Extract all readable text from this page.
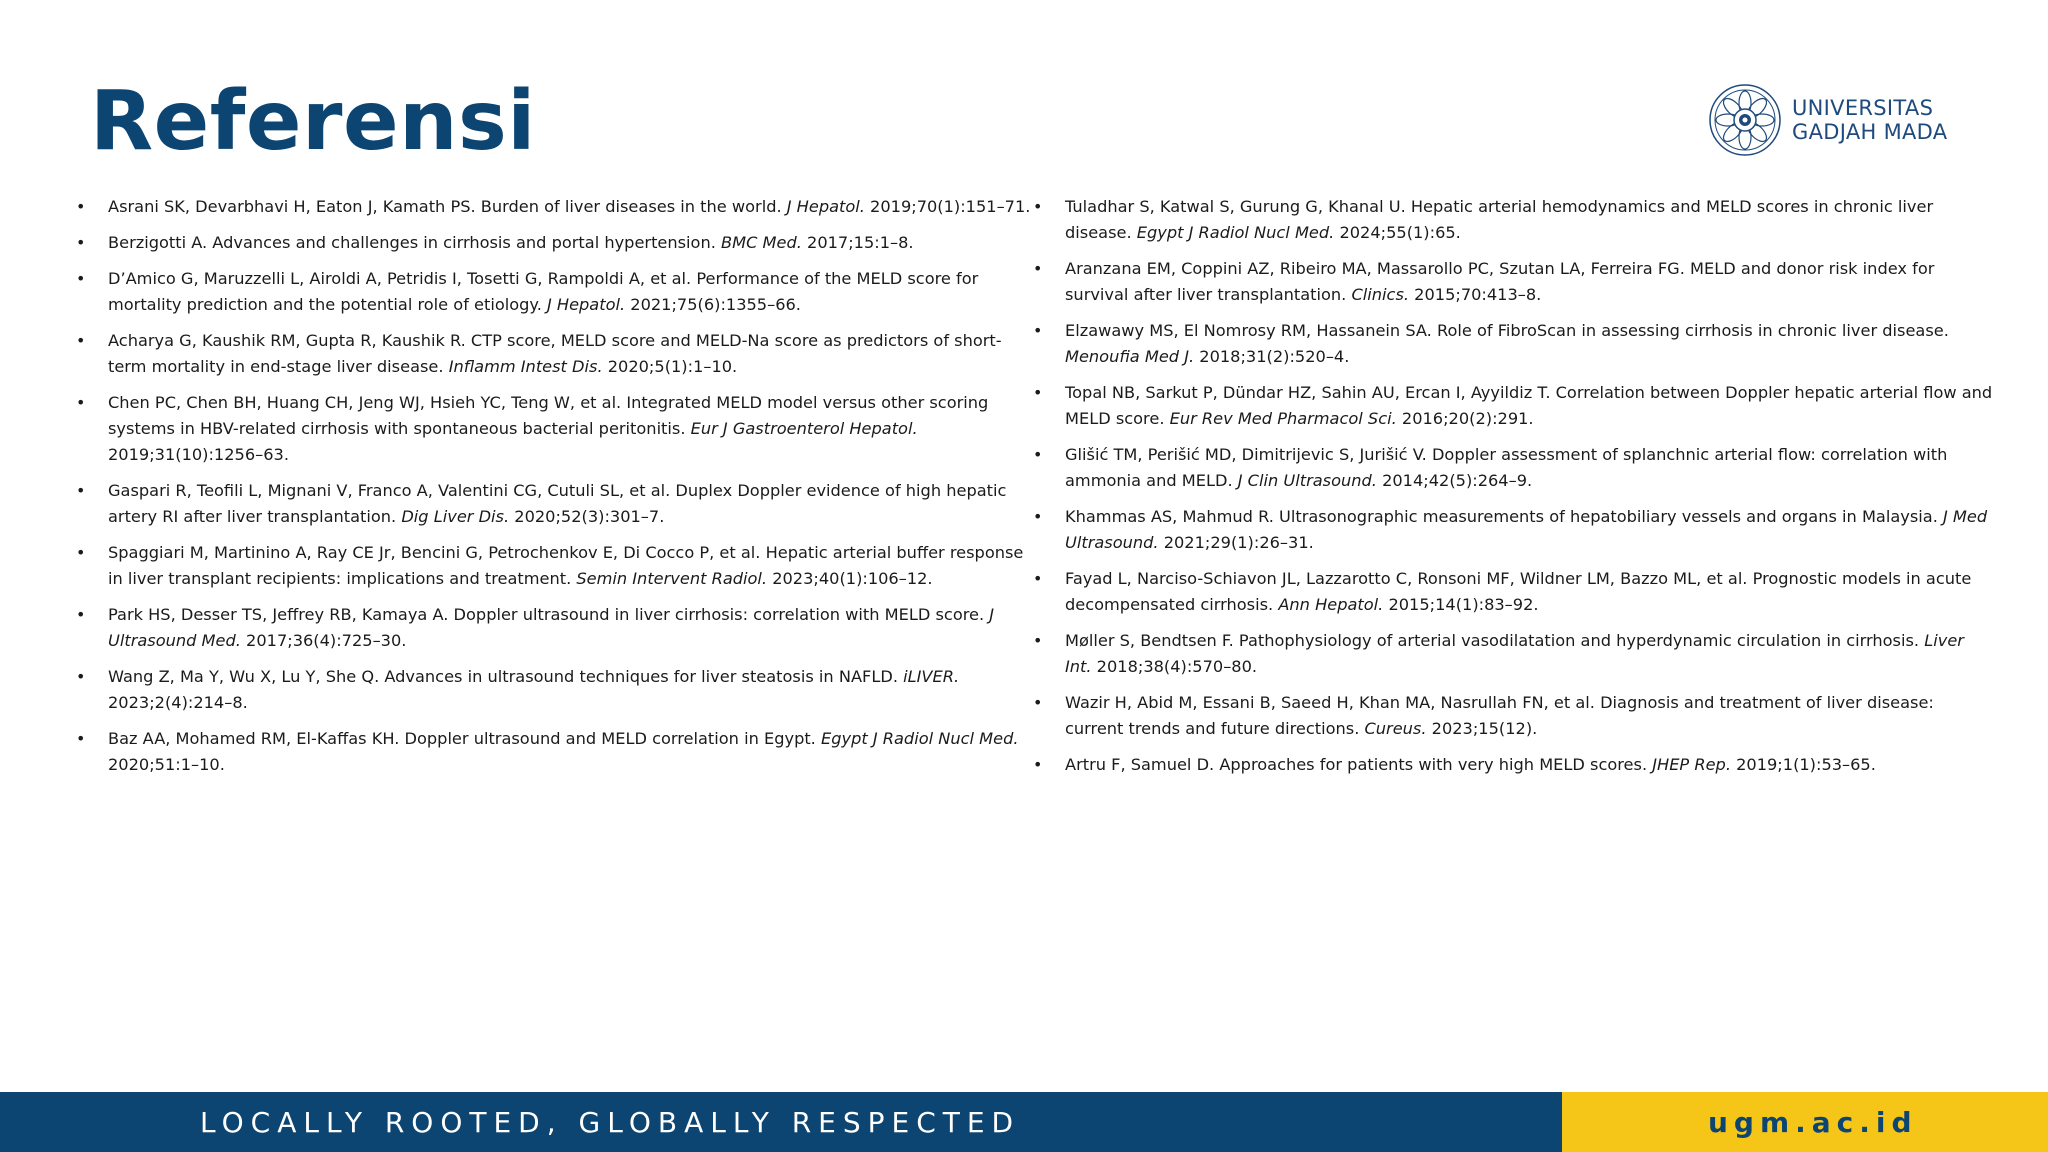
Referensi	UNIVERSITAS
GADJAH MADA
• Asrani SK, Devarbhavi H, Eaton J, Kamath PS. Burden of liver diseases in the world. J Hepatol. 2019;70(1):151–71.
• Berzigotti A. Advances and challenges in cirrhosis and portal hypertension. BMC Med. 2017;15:1–8.
• D’Amico G, Maruzzelli L, Airoldi A, Petridis I, Tosetti G, Rampoldi A, et al. Performance of the MELD score for mortality prediction and the potential role of etiology. J Hepatol. 2021;75(6):1355–66.
• Acharya G, Kaushik RM, Gupta R, Kaushik R. CTP score, MELD score and MELD-Na score as predictors of short-term mortality in end-stage liver disease. Inflamm Intest Dis. 2020;5(1):1–10.
• Chen PC, Chen BH, Huang CH, Jeng WJ, Hsieh YC, Teng W, et al. Integrated MELD model versus other scoring systems in HBV-related cirrhosis with spontaneous bacterial peritonitis. Eur J Gastroenterol Hepatol. 2019;31(10):1256–63.
• Gaspari R, Teofili L, Mignani V, Franco A, Valentini CG, Cutuli SL, et al. Duplex Doppler evidence of high hepatic artery RI after liver transplantation. Dig Liver Dis. 2020;52(3):301–7.
• Spaggiari M, Martinino A, Ray CE Jr, Bencini G, Petrochenkov E, Di Cocco P, et al. Hepatic arterial buffer response in liver transplant recipients: implications and treatment. Semin Intervent Radiol. 2023;40(1):106–12.
• Park HS, Desser TS, Jeffrey RB, Kamaya A. Doppler ultrasound in liver cirrhosis: correlation with MELD score. J Ultrasound Med. 2017;36(4):725–30.
• Wang Z, Ma Y, Wu X, Lu Y, She Q. Advances in ultrasound techniques for liver steatosis in NAFLD. iLIVER. 2023;2(4):214–8.
• Baz AA, Mohamed RM, El-Kaffas KH. Doppler ultrasound and MELD correlation in Egypt. Egypt J Radiol Nucl Med. 2020;51:1–10.
• Tuladhar S, Katwal S, Gurung G, Khanal U. Hepatic arterial hemodynamics and MELD scores in chronic liver disease. Egypt J Radiol Nucl Med. 2024;55(1):65.
• Aranzana EM, Coppini AZ, Ribeiro MA, Massarollo PC, Szutan LA, Ferreira FG. MELD and donor risk index for survival after liver transplantation. Clinics. 2015;70:413–8.
• Elzawawy MS, El Nomrosy RM, Hassanein SA. Role of FibroScan in assessing cirrhosis in chronic liver disease. Menoufia Med J. 2018;31(2):520–4.
• Topal NB, Sarkut P, Dündar HZ, Sahin AU, Ercan I, Ayyildiz T. Correlation between Doppler hepatic arterial flow and MELD score. Eur Rev Med Pharmacol Sci. 2016;20(2):291.
• Glišić TM, Perišić MD, Dimitrijevic S, Jurišić V. Doppler assessment of splanchnic arterial flow: correlation with ammonia and MELD. J Clin Ultrasound. 2014;42(5):264–9.
• Khammas AS, Mahmud R. Ultrasonographic measurements of hepatobiliary vessels and organs in Malaysia. J Med Ultrasound. 2021;29(1):26–31.
• Fayad L, Narciso-Schiavon JL, Lazzarotto C, Ronsoni MF, Wildner LM, Bazzo ML, et al. Prognostic models in acute decompensated cirrhosis. Ann Hepatol. 2015;14(1):83–92.
• Møller S, Bendtsen F. Pathophysiology of arterial vasodilatation and hyperdynamic circulation in cirrhosis. Liver Int. 2018;38(4):570–80.
• Wazir H, Abid M, Essani B, Saeed H, Khan MA, Nasrullah FN, et al. Diagnosis and treatment of liver disease: current trends and future directions. Cureus. 2023;15(12).
• Artru F, Samuel D. Approaches for patients with very high MELD scores. JHEP Rep. 2019;1(1):53–65.
LOCALLY ROOTED, GLOBALLY RESPECTED	ugm.ac.id
